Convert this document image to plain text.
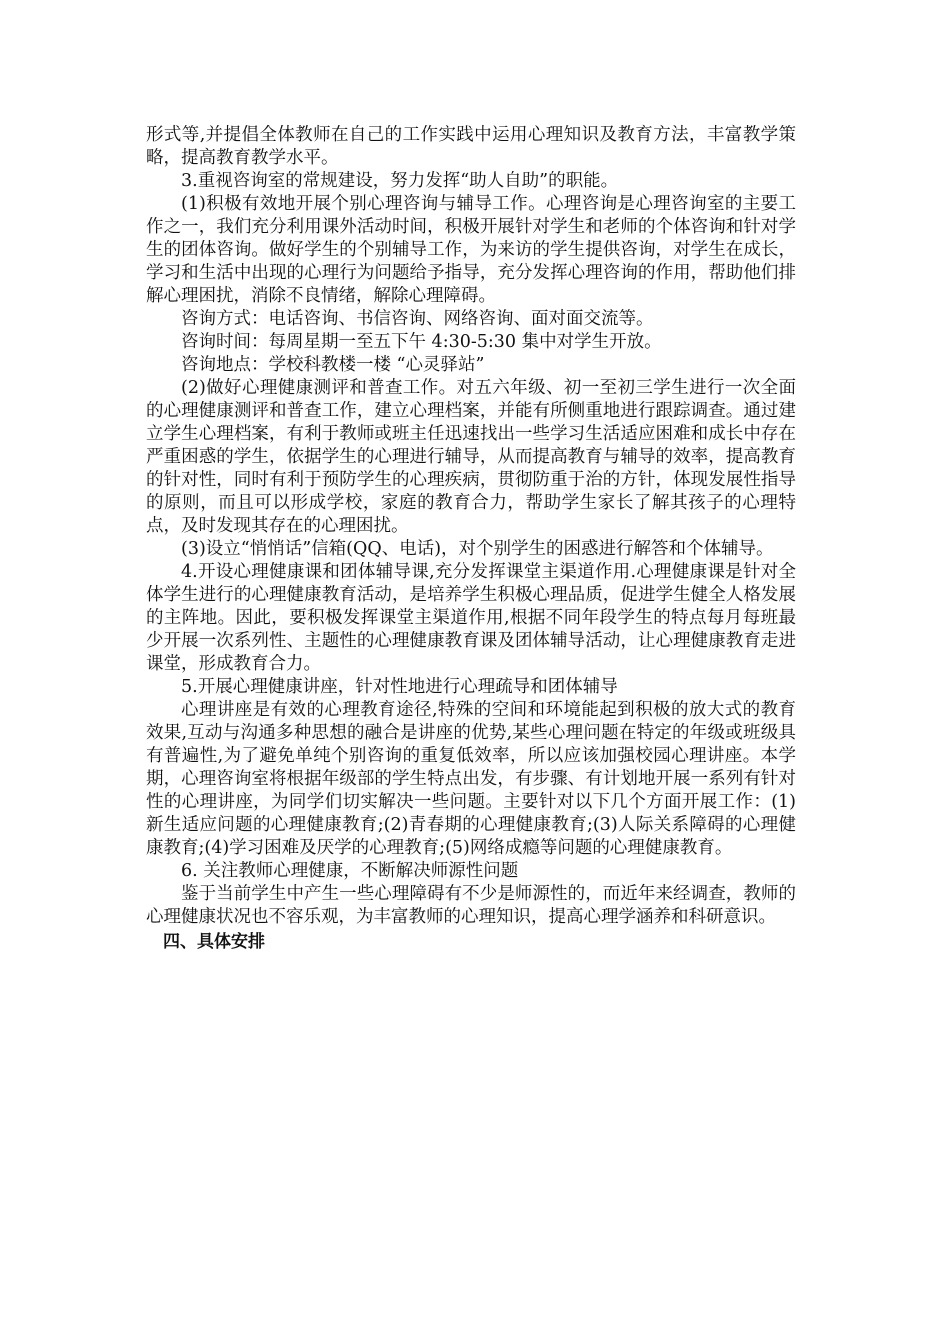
形式等,并提倡全体教师在自己的工作实践中运用心理知识及教育方法，丰富教学策略，提高教育教学水平。

3.重视咨询室的常规建设，努力发挥“助人自助”的职能。

(1)积极有效地开展个别心理咨询与辅导工作。心理咨询是心理咨询室的主要工作之一，我们充分利用课外活动时间，积极开展针对学生和老师的个体咨询和针对学生的团体咨询。做好学生的个别辅导工作，为来访的学生提供咨询，对学生在成长，学习和生活中出现的心理行为问题给予指导，充分发挥心理咨询的作用，帮助他们排解心理困扰，消除不良情绪，解除心理障碍。

咨询方式：电话咨询、书信咨询、网络咨询、面对面交流等。

咨询时间：每周星期一至五下午 4:30-5:30 集中对学生开放。

咨询地点：学校科教楼一楼 “心灵驿站”

(2)做好心理健康测评和普查工作。对五六年级、初一至初三学生进行一次全面的心理健康测评和普查工作，建立心理档案，并能有所侧重地进行跟踪调查。通过建立学生心理档案，有利于教师或班主任迅速找出一些学习生活适应困难和成长中存在严重困惑的学生，依据学生的心理进行辅导，从而提高教育与辅导的效率，提高教育的针对性，同时有利于预防学生的心理疾病，贯彻防重于治的方针，体现发展性指导的原则，而且可以形成学校，家庭的教育合力，帮助学生家长了解其孩子的心理特点，及时发现其存在的心理困扰。

(3)设立“悄悄话”信箱(QQ、电话)，对个别学生的困惑进行解答和个体辅导。

4.开设心理健康课和团体辅导课,充分发挥课堂主渠道作用.心理健康课是针对全体学生进行的心理健康教育活动，是培养学生积极心理品质，促进学生健全人格发展的主阵地。因此，要积极发挥课堂主渠道作用,根据不同年段学生的特点每月每班最少开展一次系列性、主题性的心理健康教育课及团体辅导活动，让心理健康教育走进课堂，形成教育合力。

5.开展心理健康讲座，针对性地进行心理疏导和团体辅导

心理讲座是有效的心理教育途径,特殊的空间和环境能起到积极的放大式的教育效果,互动与沟通多种思想的融合是讲座的优势,某些心理问题在特定的年级或班级具有普遍性,为了避免单纯个别咨询的重复低效率，所以应该加强校园心理讲座。本学期，心理咨询室将根据年级部的学生特点出发，有步骤、有计划地开展一系列有针对性的心理讲座，为同学们切实解决一些问题。主要针对以下几个方面开展工作：(1)新生适应问题的心理健康教育;(2)青春期的心理健康教育;(3)人际关系障碍的心理健康教育;(4)学习困难及厌学的心理教育;(5)网络成瘾等问题的心理健康教育。

6. 关注教师心理健康，不断解决师源性问题

鉴于当前学生中产生一些心理障碍有不少是师源性的，而近年来经调查，教师的心理健康状况也不容乐观，为丰富教师的心理知识，提高心理学涵养和科研意识。

四、具体安排
